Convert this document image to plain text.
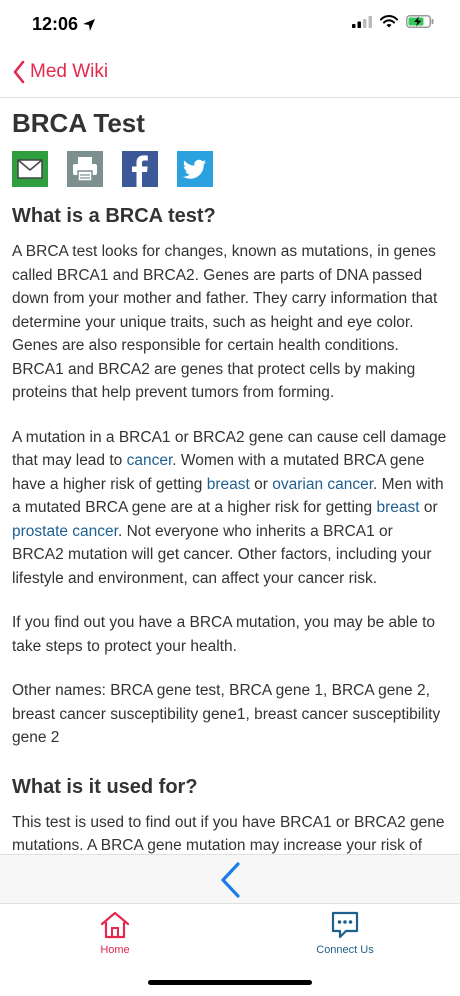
12:06
Med Wiki
BRCA Test
What is a BRCA test?

A BRCA test looks for changes, known as mutations, in genes called BRCA1 and BRCA2. Genes are parts of DNA passed down from your mother and father. They carry information that determine your unique traits, such as height and eye color. Genes are also responsible for certain health conditions. BRCA1 and BRCA2 are genes that protect cells by making proteins that help prevent tumors from forming.

A mutation in a BRCA1 or BRCA2 gene can cause cell damage that may lead to cancer. Women with a mutated BRCA gene have a higher risk of getting breast or ovarian cancer. Men with a mutated BRCA gene are at a higher risk for getting breast or prostate cancer. Not everyone who inherits a BRCA1 or BRCA2 mutation will get cancer. Other factors, including your lifestyle and environment, can affect your cancer risk.

If you find out you have a BRCA mutation, you may be able to take steps to protect your health.

Other names: BRCA gene test, BRCA gene 1, BRCA gene 2, breast cancer susceptibility gene1, breast cancer susceptibility gene 2

What is it used for?

This test is used to find out if you have BRCA1 or BRCA2 gene mutations. A BRCA gene mutation may increase your risk of

Home	Connect Us
